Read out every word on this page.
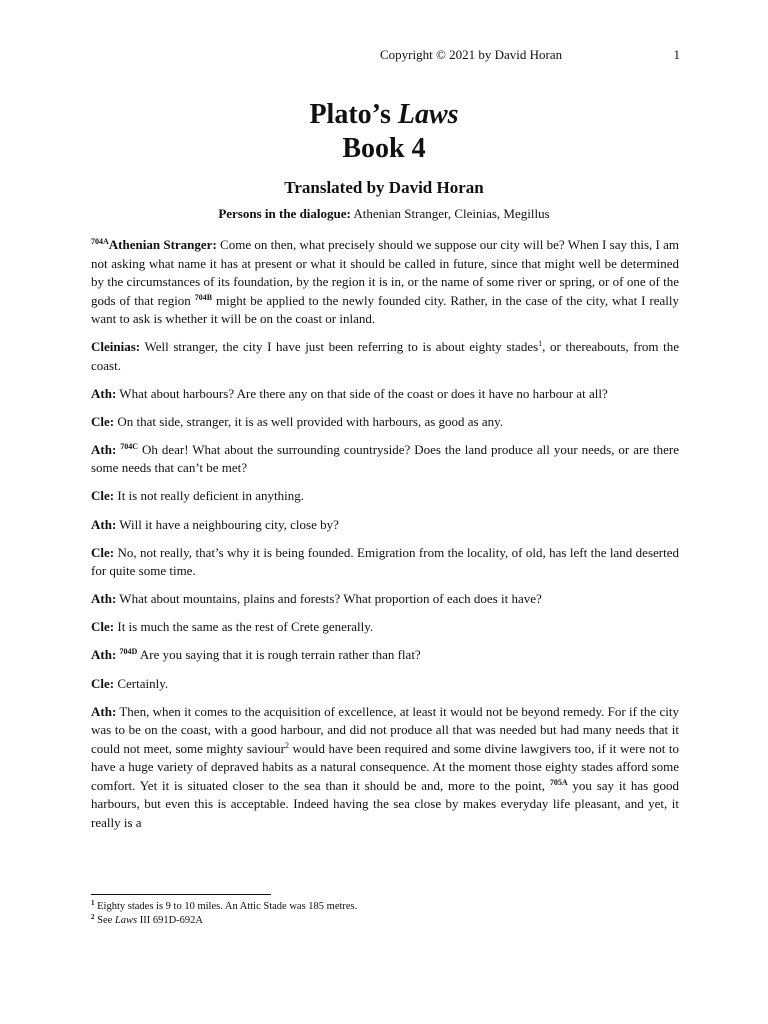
Copyright © 2021 by David Horan	1
Plato’s Laws
Book 4
Translated by David Horan
Persons in the dialogue: Athenian Stranger, Cleinias, Megillus

$^{704A}$Athenian Stranger: Come on then, what precisely should we suppose our city will be? When I say this, I am not asking what name it has at present or what it should be called in future, since that might well be determined by the circumstances of its foundation, by the region it is in, or the name of some river or spring, or of one of the gods of that region $^{704B}$ might be applied to the newly founded city. Rather, in the case of the city, what I really want to ask is whether it will be on the coast or inland.

Cleinias: Well stranger, the city I have just been referring to is about eighty stades$^1$, or thereabouts, from the coast.

Ath: What about harbours? Are there any on that side of the coast or does it have no harbour at all?

Cle: On that side, stranger, it is as well provided with harbours, as good as any.

Ath: $^{704C}$ Oh dear! What about the surrounding countryside? Does the land produce all your needs, or are there some needs that can’t be met?

Cle: It is not really deficient in anything.

Ath: Will it have a neighbouring city, close by?

Cle: No, not really, that’s why it is being founded. Emigration from the locality, of old, has left the land deserted for quite some time.

Ath: What about mountains, plains and forests? What proportion of each does it have?

Cle: It is much the same as the rest of Crete generally.

Ath: $^{704D}$ Are you saying that it is rough terrain rather than flat?

Cle: Certainly.

Ath: Then, when it comes to the acquisition of excellence, at least it would not be beyond remedy. For if the city was to be on the coast, with a good harbour, and did not produce all that was needed but had many needs that it could not meet, some mighty saviour$^2$ would have been required and some divine lawgivers too, if it were not to have a huge variety of depraved habits as a natural consequence. At the moment those eighty stades afford some comfort. Yet it is situated closer to the sea than it should be and, more to the point, $^{705A}$ you say it has good harbours, but even this is acceptable. Indeed having the sea close by makes everyday life pleasant, and yet, it really is a

$^1$ Eighty stades is 9 to 10 miles. An Attic Stade was 185 metres.
$^2$ See Laws III 691D-692A
